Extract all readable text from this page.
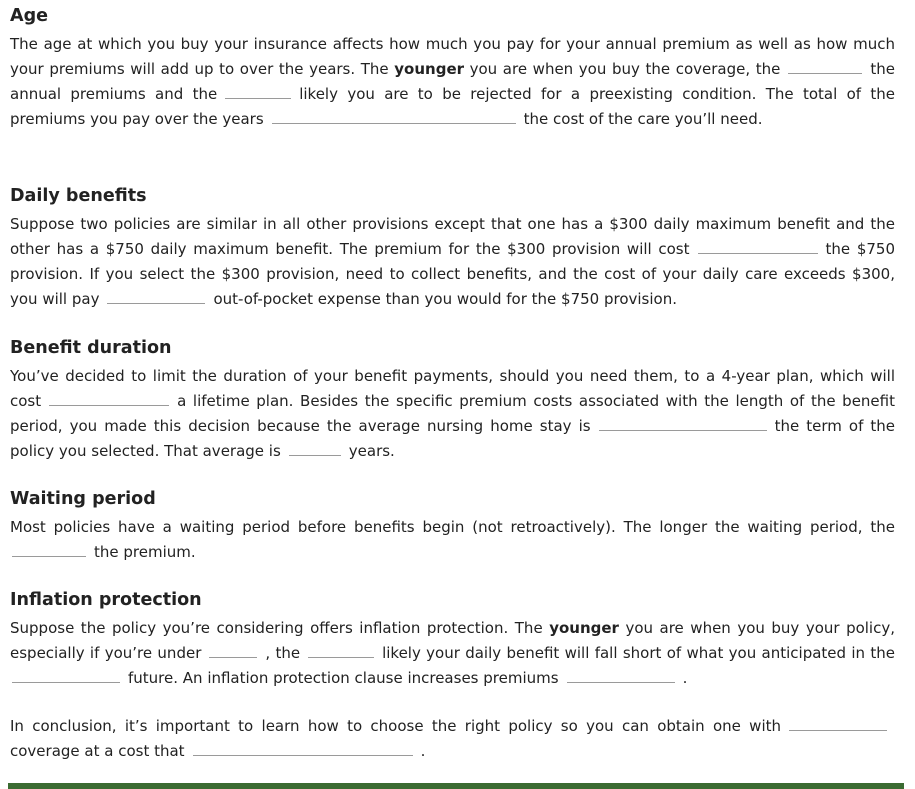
Age

The age at which you buy your insurance affects how much you pay for your annual premium as well as how much your premiums will add up to over the years. The younger you are when you buy the coverage, the	the annual premiums and the	likely you are to be rejected for a preexisting condition. The total of the premiums you pay over the years	the cost of the care you’ll need.

Daily benefits

Suppose two policies are similar in all other provisions except that one has a $300 daily maximum benefit and the other has a $750 daily maximum benefit. The premium for the $300 provision will cost	the $750 provision. If you select the $300 provision, need to collect benefits, and the cost of your daily care exceeds $300, you will pay	out-of-pocket expense than you would for the $750 provision.

Benefit duration

You’ve decided to limit the duration of your benefit payments, should you need them, to a 4-year plan, which will cost	a lifetime plan. Besides the specific premium costs associated with the length of the benefit period, you made this decision because the average nursing home stay is	the term of the policy you selected. That average is	years.

Waiting period

Most policies have a waiting period before benefits begin (not retroactively). The longer the waiting period, thethe premium.

Inflation protection

Suppose the policy you’re considering offers inflation protection. The younger you are when you buy your policy, especially if you’re under	, the	likely your daily benefit will fall short of what you anticipated in thefuture. An inflation protection clause increases premiums	.

In conclusion, it’s important to learn how to choose the right policy so you can obtain one withcoverage at a cost that	.
